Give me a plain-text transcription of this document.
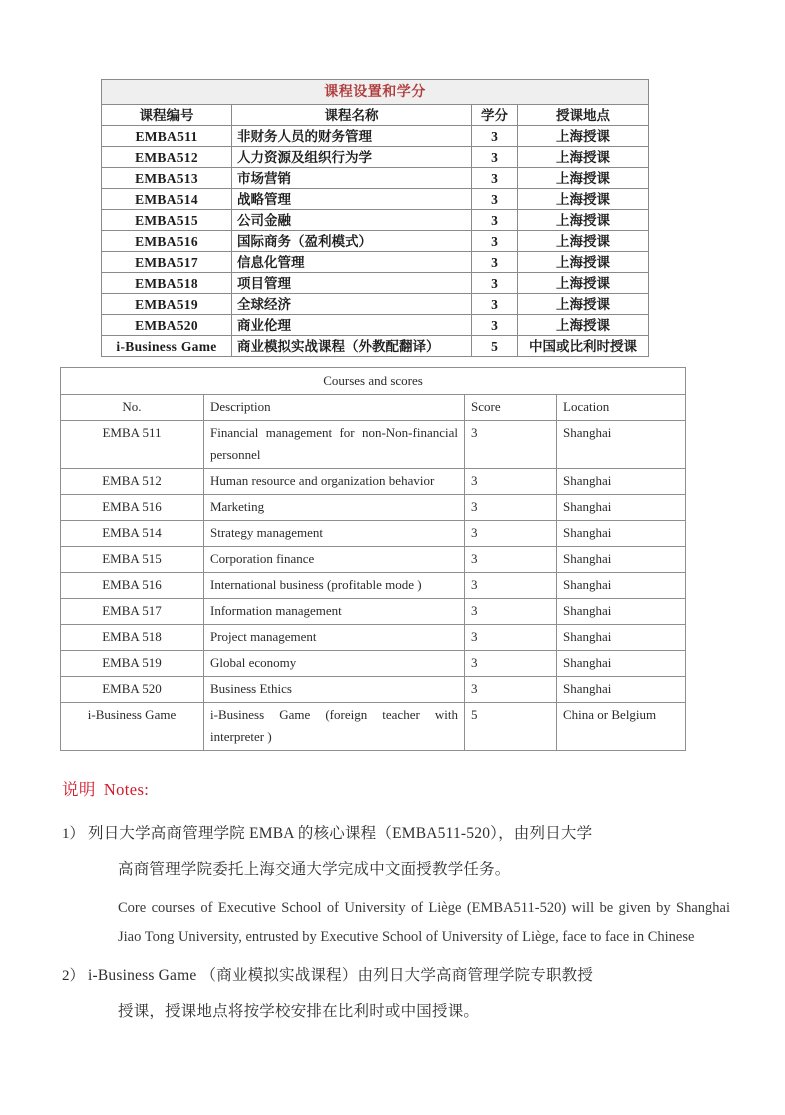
课程设置和学分			
课程编号	课程名称	学分	授课地点
EMBA511	非财务人员的财务管理	3	上海授课
EMBA512	人力资源及组织行为学	3	上海授课
EMBA513	市场营销	3	上海授课
EMBA514	战略管理	3	上海授课
EMBA515	公司金融	3	上海授课
EMBA516	国际商务（盈利模式）	3	上海授课
EMBA517	信息化管理	3	上海授课
EMBA518	项目管理	3	上海授课
EMBA519	全球经济	3	上海授课
EMBA520	商业伦理	3	上海授课
i-Business Game	商业模拟实战课程（外教配翻译）	5	中国或比利时授课
Courses and scores			
No.	Description	Score	Location
EMBA 511	Financial management for non-Non-financial personnel	3	Shanghai
EMBA 512	Human resource and organization behavior	3	Shanghai
EMBA 516	Marketing	3	Shanghai
EMBA 514	Strategy management	3	Shanghai
EMBA 515	Corporation finance	3	Shanghai
EMBA 516	International business (profitable mode )	3	Shanghai
EMBA 517	Information management	3	Shanghai
EMBA 518	Project management	3	Shanghai
EMBA 519	Global economy	3	Shanghai
EMBA 520	Business Ethics	3	Shanghai
i-Business Game	i-Business Game (foreign teacher with interpreter )	5	China or Belgium
说明 Notes:
1） 列日大学高商管理学院 EMBA 的核心课程（EMBA511-520），由列日大学
高商管理学院委托上海交通大学完成中文面授教学任务。

Core courses of Executive School of University of Liège (EMBA511-520) will be given by Shanghai Jiao Tong University, entrusted by Executive School of University of Liège, face to face in Chinese

2） i-Business Game （商业模拟实战课程）由列日大学高商管理学院专职教授
授课，授课地点将按学校安排在比利时或中国授课。
